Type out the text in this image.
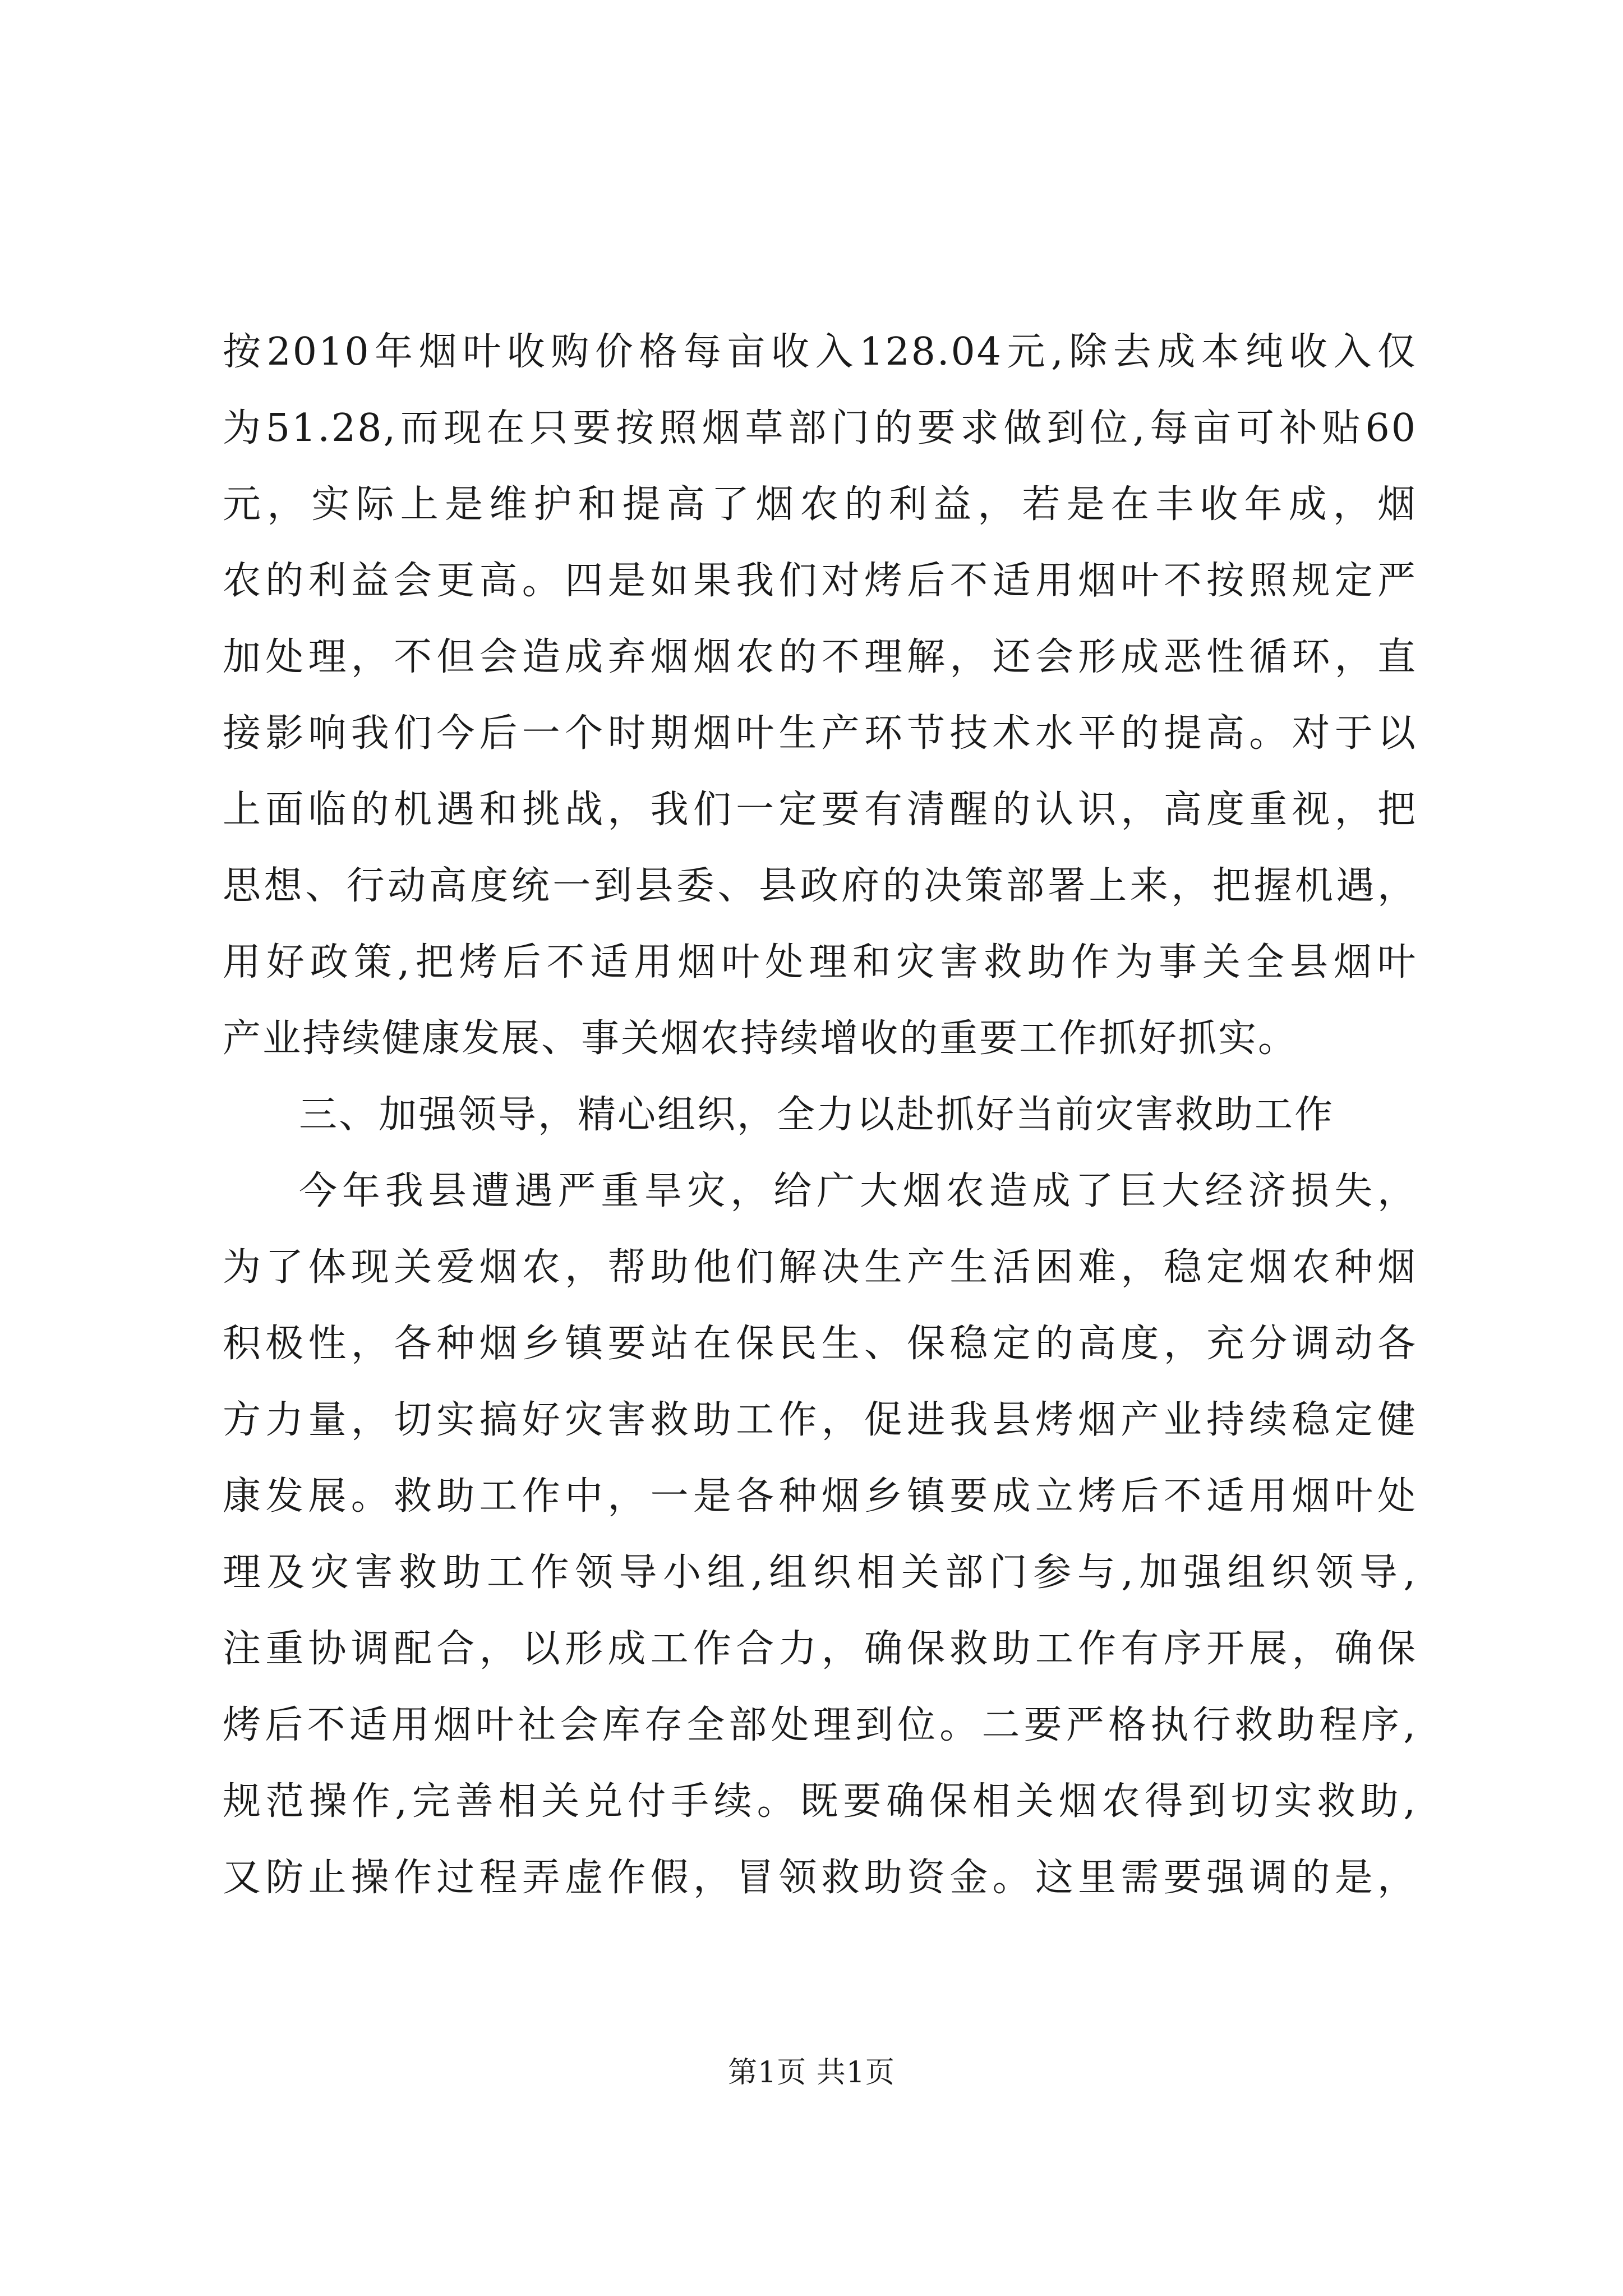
按2010年烟叶收购价格每亩收入128.04元,除去成本纯收入仅
为51.28,而现在只要按照烟草部门的要求做到位,每亩可补贴60
元，实际上是维护和提高了烟农的利益，若是在丰收年成，烟
农的利益会更高。四是如果我们对烤后不适用烟叶不按照规定严
加处理，不但会造成弃烟烟农的不理解，还会形成恶性循环，直
接影响我们今后一个时期烟叶生产环节技术水平的提高。对于以
上面临的机遇和挑战，我们一定要有清醒的认识，高度重视，把
思想、行动高度统一到县委、县政府的决策部署上来，把握机遇，
用好政策,把烤后不适用烟叶处理和灾害救助作为事关全县烟叶
产业持续健康发展、事关烟农持续增收的重要工作抓好抓实。
三、加强领导，精心组织，全力以赴抓好当前灾害救助工作
今年我县遭遇严重旱灾，给广大烟农造成了巨大经济损失，
为了体现关爱烟农，帮助他们解决生产生活困难，稳定烟农种烟
积极性，各种烟乡镇要站在保民生、保稳定的高度，充分调动各
方力量，切实搞好灾害救助工作，促进我县烤烟产业持续稳定健
康发展。救助工作中，一是各种烟乡镇要成立烤后不适用烟叶处
理及灾害救助工作领导小组,组织相关部门参与,加强组织领导,
注重协调配合，以形成工作合力，确保救助工作有序开展，确保
烤后不适用烟叶社会库存全部处理到位。二要严格执行救助程序,
规范操作,完善相关兑付手续。既要确保相关烟农得到切实救助,
又防止操作过程弄虚作假，冒领救助资金。这里需要强调的是，
第1页 共1页
